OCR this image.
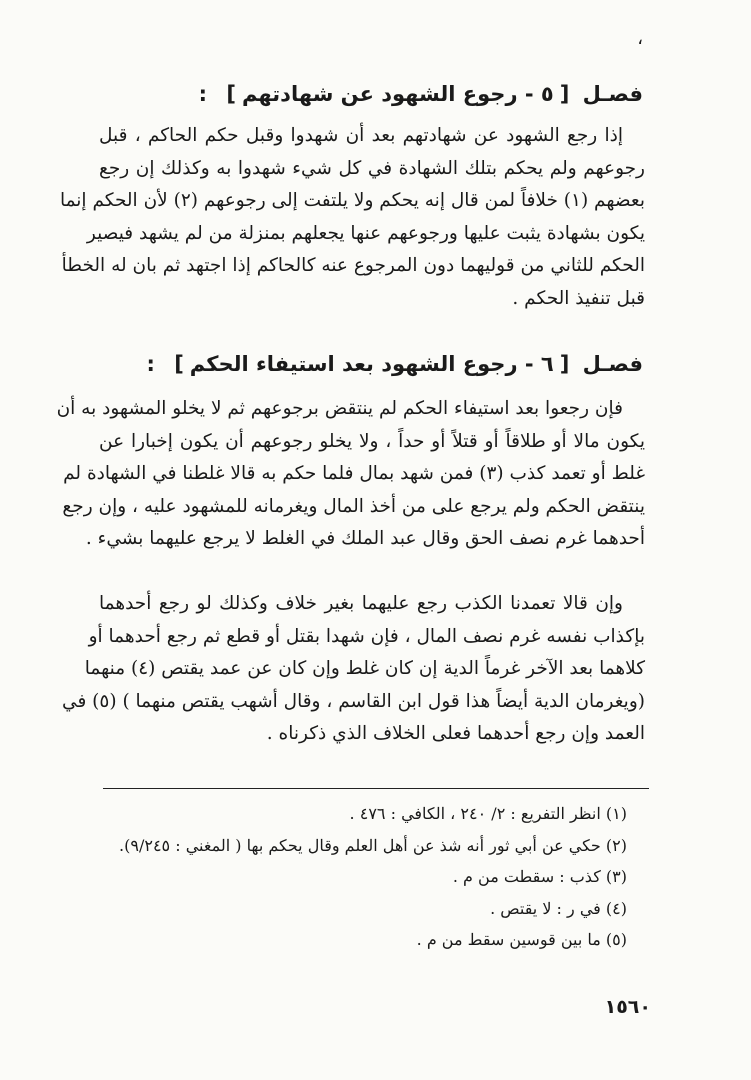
،
فصـل [٥ - رجوع الشهود عن شهادتهم] :
إذا رجع الشهود عن شهادتهم بعد أن شهدوا وقبل حكم الحاكم ، قبل
رجوعهم ولم يحكم بتلك الشهادة في كل شيء شهدوا به وكذلك إن رجع
بعضهم (١) خلافاً لمن قال إنه يحكم ولا يلتفت إلى رجوعهم (٢) لأن الحكم إنما
يكون بشهادة يثبت عليها ورجوعهم عنها يجعلهم بمنزلة من لم يشهد فيصير
الحكم للثاني من قوليهما دون المرجوع عنه كالحاكم إذا اجتهد ثم بان له الخطأ
قبل تنفيذ الحكم .
فصـل [٦ - رجوع الشهود بعد استيفاء الحكم] :
فإن رجعوا بعد استيفاء الحكم لم ينتقض برجوعهم ثم لا يخلو المشهود به أن
يكون مالا أو طلاقاً أو قتلاً أو حداً ، ولا يخلو رجوعهم أن يكون إخبارا عن
غلط أو تعمد كذب (٣) فمن شهد بمال فلما حكم به قالا غلطنا في الشهادة لم
ينتقض الحكم ولم يرجع على من أخذ المال ويغرمانه للمشهود عليه ، وإن رجع
أحدهما غرم نصف الحق وقال عبد الملك في الغلط لا يرجع عليهما بشيء .
وإن قالا تعمدنا الكذب رجع عليهما بغير خلاف وكذلك لو رجع أحدهما
بإكذاب نفسه غرم نصف المال ، فإن شهدا بقتل أو قطع ثم رجع أحدهما أو
كلاهما بعد الآخر غرماً الدية إن كان غلط وإن كان عن عمد يقتص (٤) منهما
(ويغرمان الدية أيضاً هذا قول ابن القاسم ، وقال أشهب يقتص منهما ) (٥) في
العمد وإن رجع أحدهما فعلى الخلاف الذي ذكرناه .
(١) انظر التفريع : ٢/ ٢٤٠ ، الكافي : ٤٧٦ .
(٢) حكي عن أبي ثور أنه شذ عن أهل العلم وقال يحكم بها ( المغني : ٩/٢٤٥).
(٣) كذب : سقطت من م .
(٤) في ر : لا يقتص .
(٥) ما بين قوسين سقط من م .
١٥٦٠
